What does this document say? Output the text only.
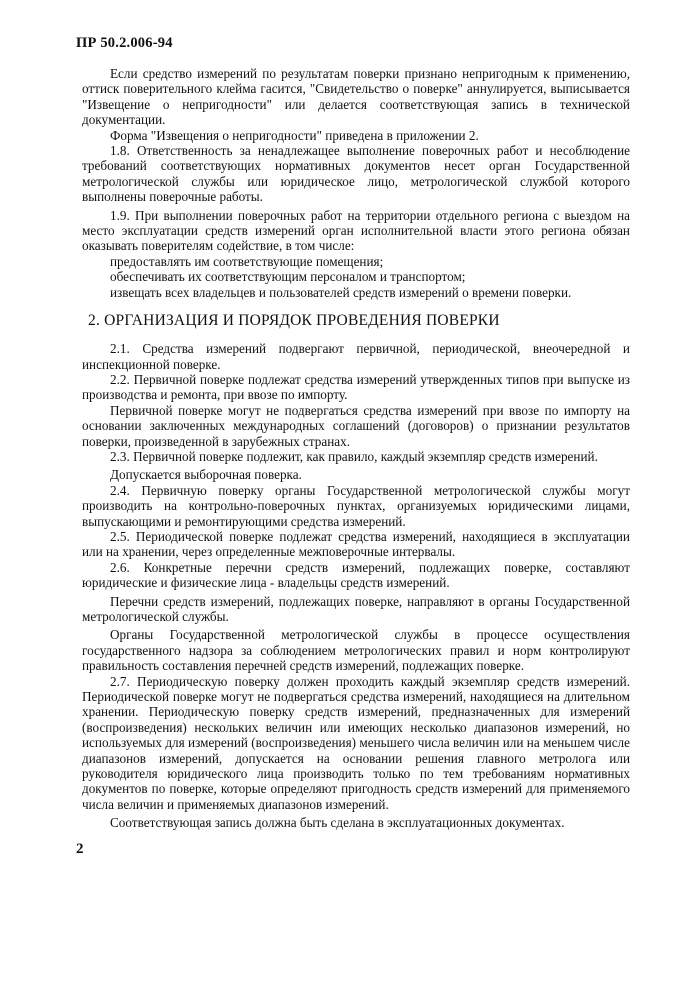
ПР 50.2.006-94

Если средство измерений по результатам поверки признано непригодным к применению, оттиск поверительного клейма гасится, "Свидетельство о поверке" аннулируется, выписывается "Извещение о непригодности" или делается соответствующая запись в технической документации.

Форма "Извещения о непригодности" приведена в приложении 2.

1.8. Ответственность за ненадлежащее выполнение поверочных работ и несоблюдение требований соответствующих нормативных документов несет орган Государственной метрологической службы или юридическое лицо, метрологической службой которого выполнены поверочные работы.

1.9. При выполнении поверочных работ на территории отдельного региона с выездом на место эксплуатации средств измерений орган исполнительной власти этого региона обязан оказывать поверителям содействие, в том числе:

предоставлять им соответствующие помещения;

обеспечивать их соответствующим персоналом и транспортом;

извещать всех владельцев и пользователей средств измерений о времени поверки.

2. ОРГАНИЗАЦИЯ И ПОРЯДОК ПРОВЕДЕНИЯ ПОВЕРКИ

2.1. Средства измерений подвергают первичной, периодической, внеочередной и инспекционной поверке.

2.2. Первичной поверке подлежат средства измерений утвержденных типов при выпуске из производства и ремонта, при ввозе по импорту.

Первичной поверке могут не подвергаться средства измерений при ввозе по импорту на основании заключенных международных соглашений (договоров) о признании результатов поверки, произведенной в зарубежных странах.

2.3. Первичной поверке подлежит, как правило, каждый экземпляр средств измерений.

Допускается выборочная поверка.

2.4. Первичную поверку органы Государственной метрологической службы могут производить на контрольно-поверочных пунктах, организуемых юридическими лицами, выпускающими и ремонтирующими средства измерений.

2.5. Периодической поверке подлежат средства измерений, находящиеся в эксплуатации или на хранении, через определенные межповерочные интервалы.

2.6. Конкретные перечни средств измерений, подлежащих поверке, составляют юридические и физические лица - владельцы средств измерений.

Перечни средств измерений, подлежащих поверке, направляют в органы Государственной метрологической службы.

Органы Государственной метрологической службы в процессе осуществления государственного надзора за соблюдением метрологических правил и норм контролируют правильность составления перечней средств измерений, подлежащих поверке.

2.7. Периодическую поверку должен проходить каждый экземпляр средств измерений. Периодической поверке могут не подвергаться средства измерений, находящиеся на длительном хранении. Периодическую поверку средств измерений, предназначенных для измерений (воспроизведения) нескольких величин или имеющих несколько диапазонов измерений, но используемых для измерений (воспроизведения) меньшего числа величин или на меньшем числе диапазонов измерений, допускается на основании решения главного метролога или руководителя юридического лица производить только по тем требованиям нормативных документов по поверке, которые определяют пригодность средств измерений для применяемого числа величин и применяемых диапазонов измерений.

Соответствующая запись должна быть сделана в эксплуатационных документах.

2
